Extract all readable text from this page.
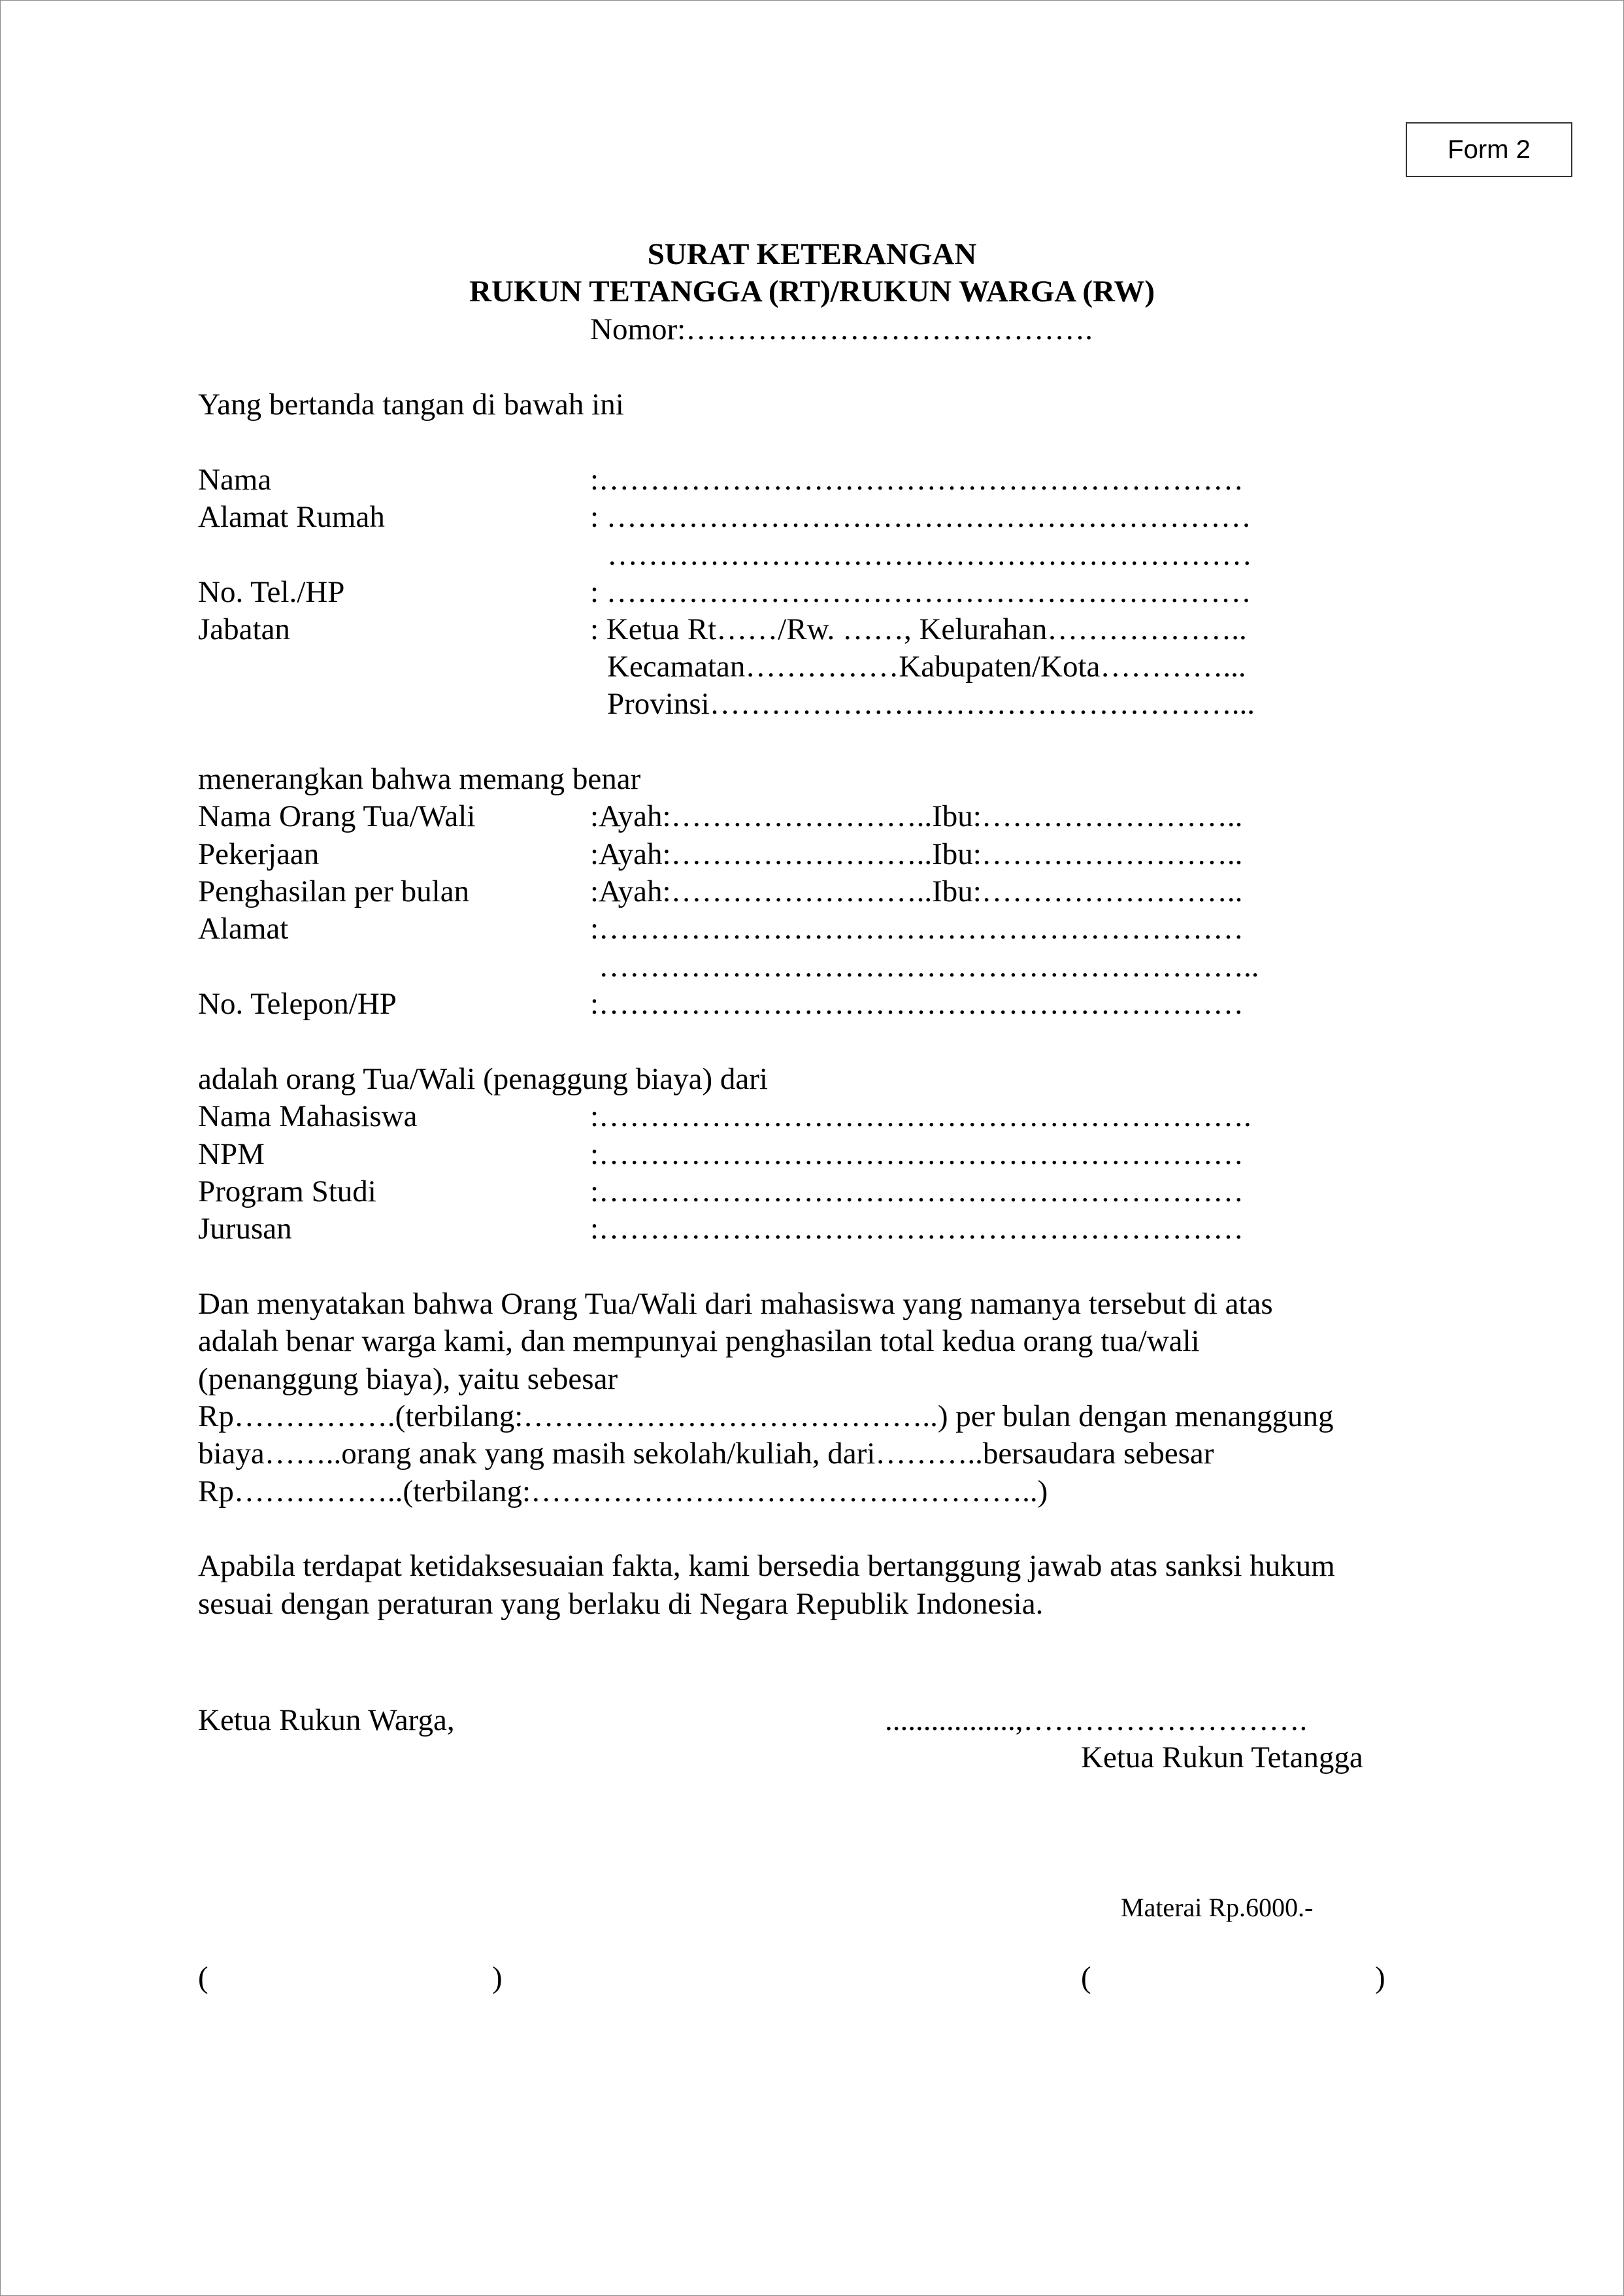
Form 2
SURAT KETERANGAN
RUKUN TETANGGA (RT)/RUKUN WARGA (RW)
Nomor:………………………………….
Yang bertanda tangan di bawah ini
Nama	:………………………………………………………
Alamat Rumah	: ………………………………………………………
………………………………………………………
No. Tel./HP	: ………………………………………………………
Jabatan	: Ketua Rt……/Rw. ……, Kelurahan………………..
Kecamatan……………Kabupaten/Kota…………...
Provinsi……………………………………………...
menerangkan bahwa memang benar
Nama Orang Tua/Wali	:Ayah:……………………..Ibu:……………………..
Pekerjaan	:Ayah:……………………..Ibu:……………………..
Penghasilan per bulan	:Ayah:……………………..Ibu:……………………..
Alamat	:………………………………………………………
………………………………………………………..
No. Telepon/HP	:………………………………………………………
adalah orang Tua/Wali (penaggung biaya) dari
Nama Mahasiswa	:……………………………………………………….
NPM	:………………………………………………………
Program Studi	:………………………………………………………
Jurusan	:………………………………………………………
Dan menyatakan bahwa Orang Tua/Wali dari mahasiswa yang namanya tersebut di atas
adalah benar warga kami, dan mempunyai penghasilan total kedua orang tua/wali
(penanggung biaya), yaitu sebesar
Rp…………….(terbilang:…………………………………..) per bulan dengan menanggung
biaya……..orang anak yang masih sekolah/kuliah, dari………..bersaudara sebesar
Rp……………..(terbilang:…………………………………………..)
Apabila terdapat ketidaksesuaian fakta, kami bersedia bertanggung jawab atas sanksi hukum
sesuai dengan peraturan yang berlaku di Negara Republik Indonesia.
Ketua Rukun Warga,	.................,……………………….
Ketua Rukun Tetangga
Materai Rp.6000.-
(	)	(	)
